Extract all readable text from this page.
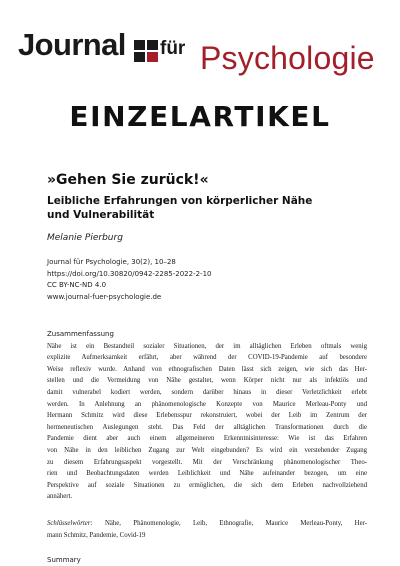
Journal für Psychologie
EINZELARTIKEL
»Gehen Sie zurück!«
Leibliche Erfahrungen von körperlicher Nähe
und Vulnerabilität
Melanie Pierburg
Journal für Psychologie, 30(2), 10–28
https://doi.org/10.30820/0942-2285-2022-2-10
CC BY-NC-ND 4.0
www.journal-fuer-psychologie.de
Zusammenfassung
Nähe ist ein Bestandteil sozialer Situationen, der im alltäglichen Erleben oftmals wenig
explizite Aufmerksamkeit erfährt, aber während der COVID-19-Pandemie auf besondere
Weise reflexiv wurde. Anhand von ethnografischen Daten lässt sich zeigen, wie sich das Her-
stellen und die Vermeidung von Nähe gestaltet, wenn Körper nicht nur als infektiös und
damit vulnerabel kodiert werden, sondern darüber hinaus in dieser Verletzlichkeit erlebt
werden. In Anlehnung an phänomenologische Konzepte von Maurice Merleau-Ponty und
Hermann Schmitz wird diese Erlebensspur rekonstruiert, wobei der Leib im Zentrum der
hermeneutischen Auslegungen steht. Das Feld der alltäglichen Transformationen durch die
Pandemie dient aber auch einem allgemeineren Erkenntnisinteresse: Wie ist das Erfahren
von Nähe in den leiblichen Zugang zur Welt eingebunden? Es wird ein verstehender Zugang
zu diesem Erfahrungsaspekt vorgestellt. Mit der Verschränkung phänomenologischer Theo-
rien und Beobachtungsdaten werden Leiblichkeit und Nähe aufeinander bezogen, um eine
Perspektive auf soziale Situationen zu ermöglichen, die sich dem Erleben nachvollziehend
annähert.
Schlüsselwörter: Nähe, Phänomenologie, Leib, Ethnografie, Maurice Merleau-Ponty, Her-
mann Schmitz, Pandemie, Covid-19
Summary
